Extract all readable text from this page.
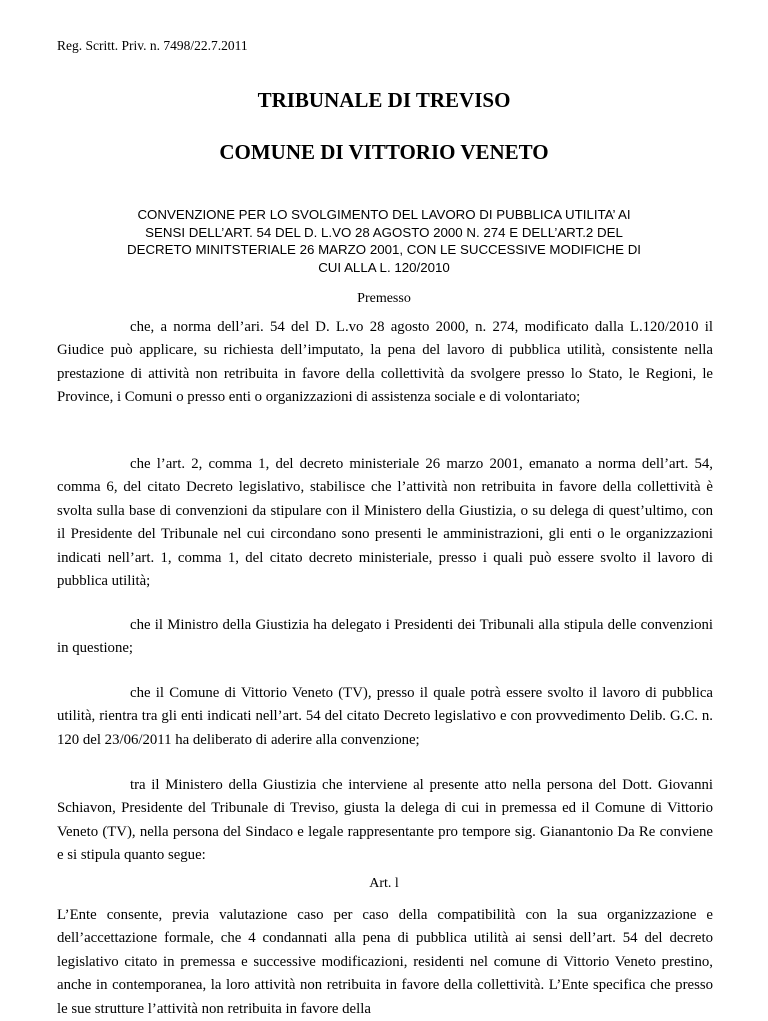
Reg. Scritt. Priv. n. 7498/22.7.2011
TRIBUNALE DI TREVISO
COMUNE DI VITTORIO VENETO
CONVENZIONE PER LO SVOLGIMENTO DEL LAVORO DI PUBBLICA UTILITA’ AI SENSI DELL’ART. 54 DEL D. L.VO 28 AGOSTO 2000 N. 274 E DELL’ART.2 DEL DECRETO MINITSTERIALE 26 MARZO 2001, CON LE SUCCESSIVE MODIFICHE DI CUI ALLA L. 120/2010
Premesso

che, a norma dell’ari. 54 del D. L.vo 28 agosto 2000, n. 274, modificato dalla L.120/2010 il Giudice può applicare, su richiesta dell’imputato, la pena del lavoro di pubblica utilità, consistente nella prestazione di attività non retribuita in favore della collettività da svolgere presso lo Stato, le Regioni, le Province, i Comuni o presso enti o organizzazioni di assistenza sociale e di volontariato;

che l’art. 2, comma 1, del decreto ministeriale 26 marzo 2001, emanato a norma dell’art. 54, comma 6, del citato Decreto legislativo, stabilisce che l’attività non retribuita in favore della collettività è svolta sulla base di convenzioni da stipulare con il Ministero della Giustizia, o su delega di quest’ultimo, con il Presidente del Tribunale nel cui circondano sono presenti le amministrazioni, gli enti o le organizzazioni indicati nell’art. 1, comma 1, del citato decreto ministeriale, presso i quali può essere svolto il lavoro di pubblica utilità;

che il Ministro della Giustizia ha delegato i Presidenti dei Tribunali alla stipula delle convenzioni in questione;

che il Comune di Vittorio Veneto (TV), presso il quale potrà essere svolto il lavoro di pubblica utilità, rientra tra gli enti indicati nell’art. 54 del citato Decreto legislativo e con provvedimento Delib. G.C. n. 120 del 23/06/2011 ha deliberato di aderire alla convenzione;

tra il Ministero della Giustizia che interviene al presente atto nella persona del Dott. Giovanni Schiavon, Presidente del Tribunale di Treviso, giusta la delega di cui in premessa ed il Comune di Vittorio Veneto (TV), nella persona del Sindaco e legale rappresentante pro tempore sig. Gianantonio Da Re conviene e si stipula quanto segue:

Art. l

L’Ente consente, previa valutazione caso per caso della compatibilità con la sua organizzazione e dell’accettazione formale, che 4 condannati alla pena di pubblica utilità ai sensi dell’art. 54 del decreto legislativo citato in premessa e successive modificazioni, residenti nel comune di Vittorio Veneto prestino, anche in contemporanea, la loro attività non retribuita in favore della collettività. L’Ente specifica che presso le sue strutture l’attività non retribuita in favore della
